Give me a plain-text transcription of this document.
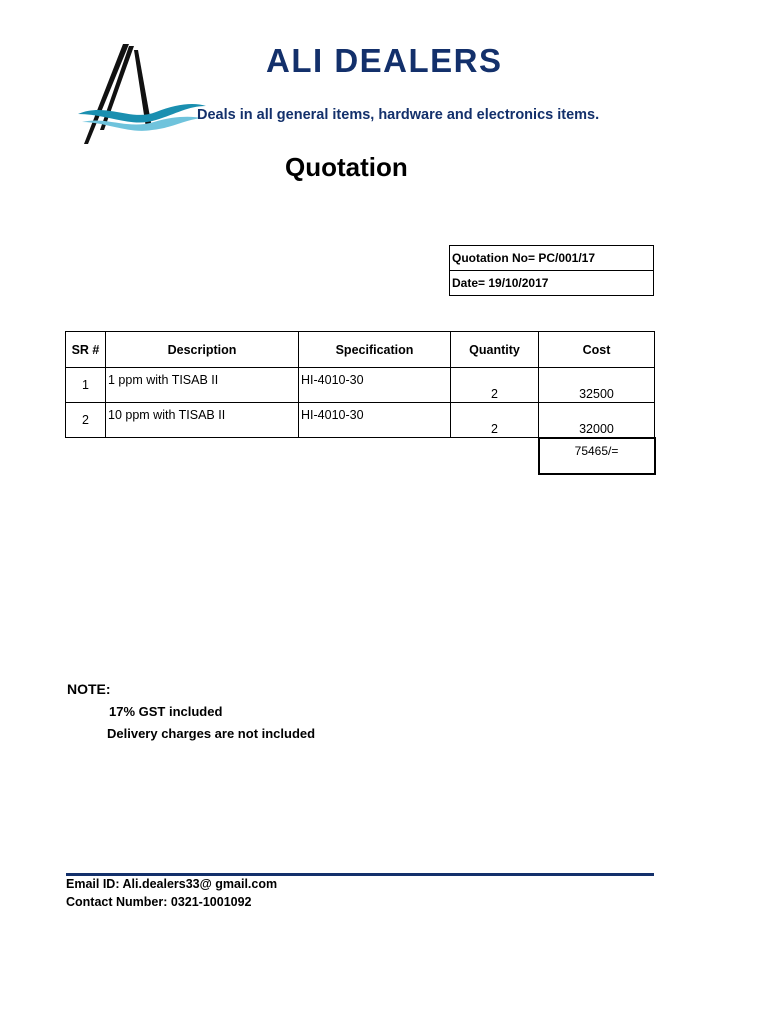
ALI DEALERS
Deals in all general items, hardware and electronics items.
Quotation
Quotation No= PC/001/17
Date= 19/10/2017
SR #	Description	Specification	Quantity	Cost
1	1 ppm with TISAB II	HI-4010-30	2	32500
2	10 ppm with TISAB II	HI-4010-30	2	32000
				75465/=
NOTE:
17% GST included
Delivery charges are not included
Email ID: Ali.dealers33@ gmail.com
Contact Number: 0321-1001092
